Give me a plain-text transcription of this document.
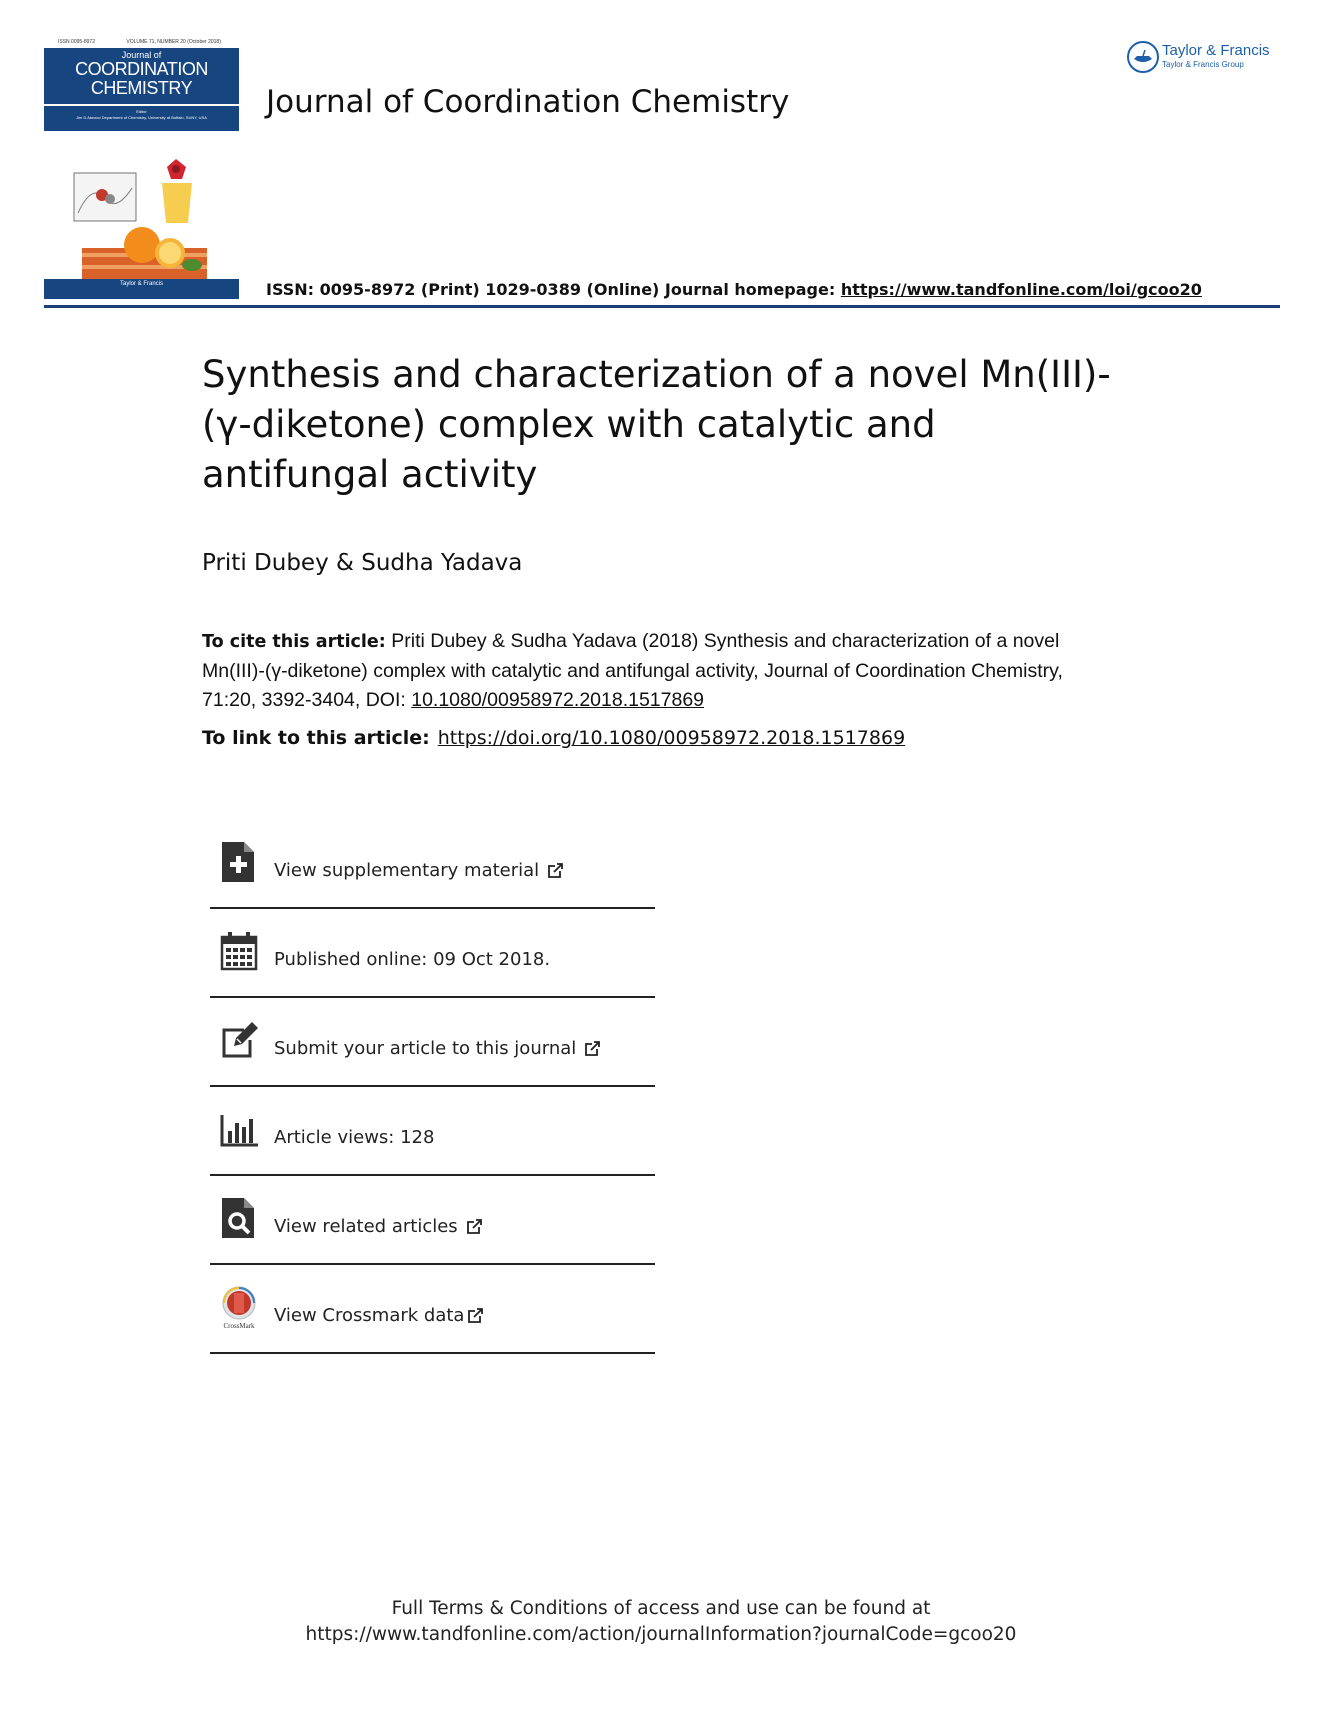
ISSN 0095-8972	VOLUME 71, NUMBER 20 (October 2018)
Journal of
COORDINATION
CHEMISTRY
Editor
Jim D Atwood Department of Chemistry, University at Buffalo, SUNY, USA
Taylor & Francis
Journal of Coordination Chemistry
Taylor & Francis
Taylor & Francis Group
ISSN: 0095-8972 (Print) 1029-0389 (Online) Journal homepage: https://www.tandfonline.com/loi/gcoo20
Synthesis and characterization of a novel Mn(III)-(γ-diketone) complex with catalytic and antifungal activity
Priti Dubey & Sudha Yadava
To cite this article: Priti Dubey & Sudha Yadava (2018) Synthesis and characterization of a novel Mn(III)-(γ-diketone) complex with catalytic and antifungal activity, Journal of Coordination Chemistry, 71:20, 3392-3404, DOI: 10.1080/00958972.2018.1517869
To link to this article: https://doi.org/10.1080/00958972.2018.1517869
View supplementary material
Published online: 09 Oct 2018.
Submit your article to this journal
Article views: 128
View related articles
CrossMark View Crossmark data
Full Terms & Conditions of access and use can be found at
https://www.tandfonline.com/action/journalInformation?journalCode=gcoo20
